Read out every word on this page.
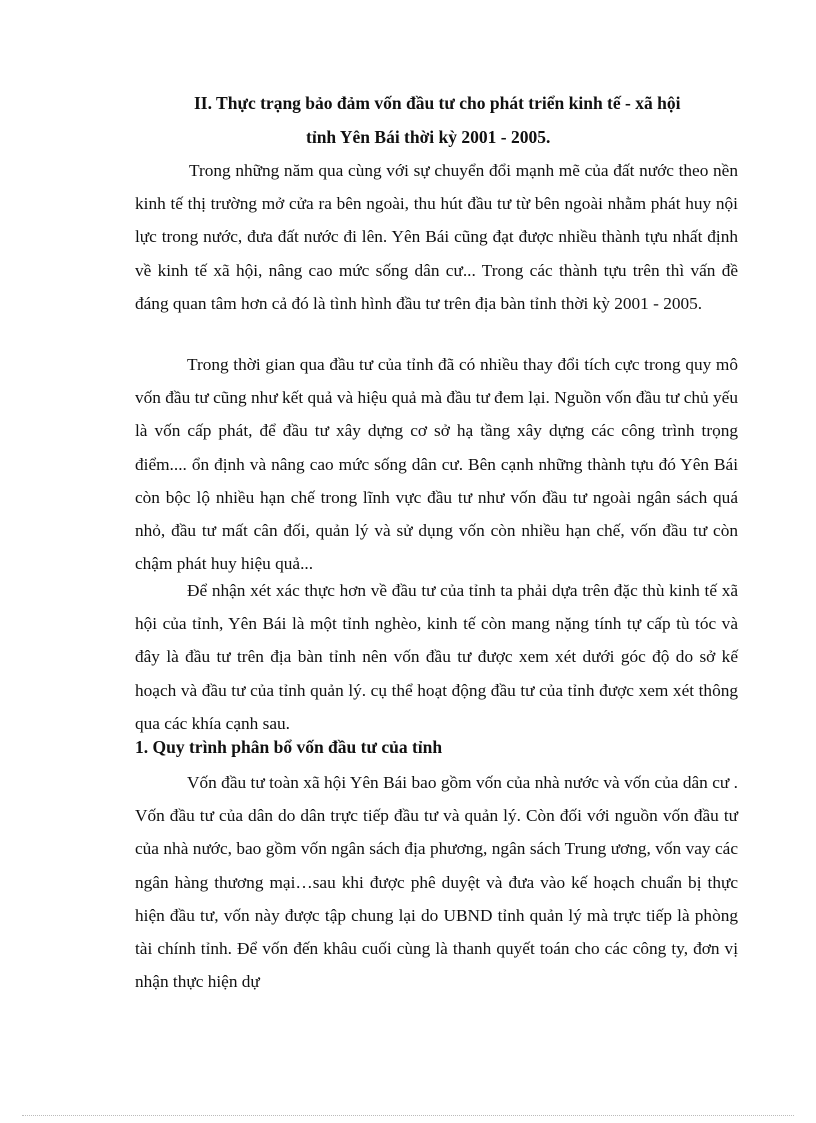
II. Thực trạng bảo đảm vốn đầu tư cho phát triển kinh tế - xã hội
tỉnh Yên Bái thời kỳ 2001 - 2005.

Trong những năm qua cùng với sự chuyển đổi mạnh mẽ của đất nước theo nền kinh tế thị trường mở cửa ra bên ngoài, thu hút đầu tư từ bên ngoài nhằm phát huy nội lực trong nước, đưa đất nước đi lên. Yên Bái cũng đạt được nhiều thành tựu nhất định về kinh tế xã hội, nâng cao mức sống dân cư... Trong các thành tựu trên thì vấn đề đáng quan tâm hơn cả đó là tình hình đầu tư trên địa bàn tỉnh thời kỳ 2001 - 2005.

Trong thời gian qua đầu tư của tỉnh đã có nhiều thay đổi tích cực trong quy mô vốn đầu tư cũng như kết quả và hiệu quả mà đầu tư đem lại. Nguồn vốn đầu tư chủ yếu là vốn cấp phát, để đầu tư xây dựng cơ sở hạ tầng xây dựng các công trình trọng điểm.... ổn định và nâng cao mức sống dân cư. Bên cạnh những thành tựu đó Yên Bái còn bộc lộ nhiều hạn chế trong lĩnh vực đầu tư như vốn đầu tư ngoài ngân sách quá nhỏ, đầu tư mất cân đối, quản lý và sử dụng vốn còn nhiều hạn chế, vốn đầu tư còn chậm phát huy hiệu quả...

Để nhận xét xác thực hơn về đầu tư của tỉnh ta phải dựa trên đặc thù kinh tế xã hội của tỉnh, Yên Bái là một tỉnh nghèo, kinh tế còn mang nặng tính tự cấp tù tóc và đây là đầu tư trên địa bàn tỉnh nên vốn đầu tư được xem xét dưới góc độ do sở kế hoạch và đầu tư của tỉnh quản lý. cụ thể hoạt động đầu tư của tỉnh được xem xét thông qua các khía cạnh sau.

1. Quy trình phân bổ vốn đầu tư của tỉnh

Vốn đầu tư toàn xã hội Yên Bái bao gồm vốn của nhà nước và vốn của dân cư . Vốn đầu tư của dân do dân trực tiếp đầu tư và quản lý. Còn đối với nguồn vốn đầu tư của nhà nước, bao gồm vốn ngân sách địa phương, ngân sách Trung ương, vốn vay các ngân hàng thương mại…sau khi được phê duyệt và đưa vào kế hoạch chuẩn bị thực hiện đầu tư, vốn này được tập chung lại do UBND tỉnh quản lý mà trực tiếp là phòng tài chính tỉnh. Để vốn đến khâu cuối cùng là thanh quyết toán cho các công ty, đơn vị nhận thực hiện dự
